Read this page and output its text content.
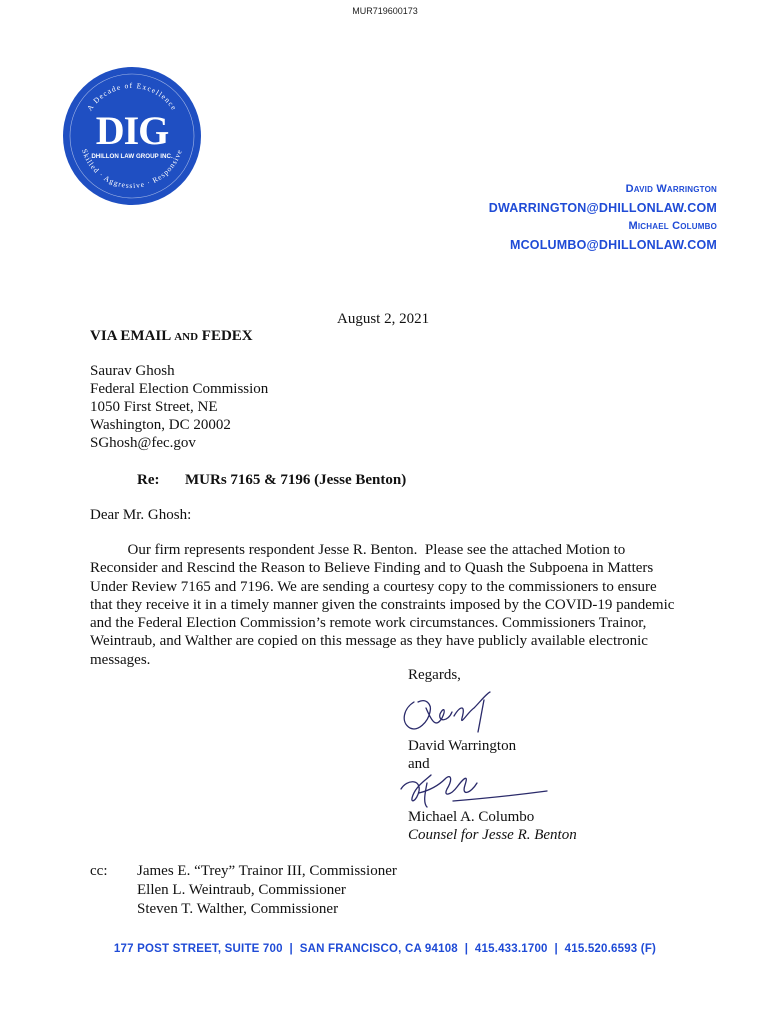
MUR719600173
A Decade of Excellence
Skilled · Aggressive · Responsive
DIG
DHILLON LAW GROUP INC.
David Warrington
DWARRINGTON@DHILLONLAW.COM
Michael Columbo
MCOLUMBO@DHILLONLAW.COM
August 2, 2021
VIA EMAIL and FEDEX
Saurav Ghosh
Federal Election Commission
1050 First Street, NE
Washington, DC 20002
SGhosh@fec.gov
Re: MURs 7165 & 7196 (Jesse Benton)
Dear Mr. Ghosh:
Our firm represents respondent Jesse R. Benton.  Please see the attached Motion to
Reconsider and Rescind the Reason to Believe Finding and to Quash the Subpoena in Matters
Under Review 7165 and 7196. We are sending a courtesy copy to the commissioners to ensure
that they receive it in a timely manner given the constraints imposed by the COVID-19 pandemic
and the Federal Election Commission’s remote work circumstances. Commissioners Trainor,
Weintraub, and Walther are copied on this message as they have publicly available electronic
messages.
Regards,
David Warrington
and
Michael A. Columbo
Counsel for Jesse R. Benton
cc: James E. “Trey” Trainor III, Commissioner
Ellen L. Weintraub, Commissioner
Steven T. Walther, Commissioner
177 POST STREET, SUITE 700  |  SAN FRANCISCO, CA 94108  |  415.433.1700  |  415.520.6593 (F)
